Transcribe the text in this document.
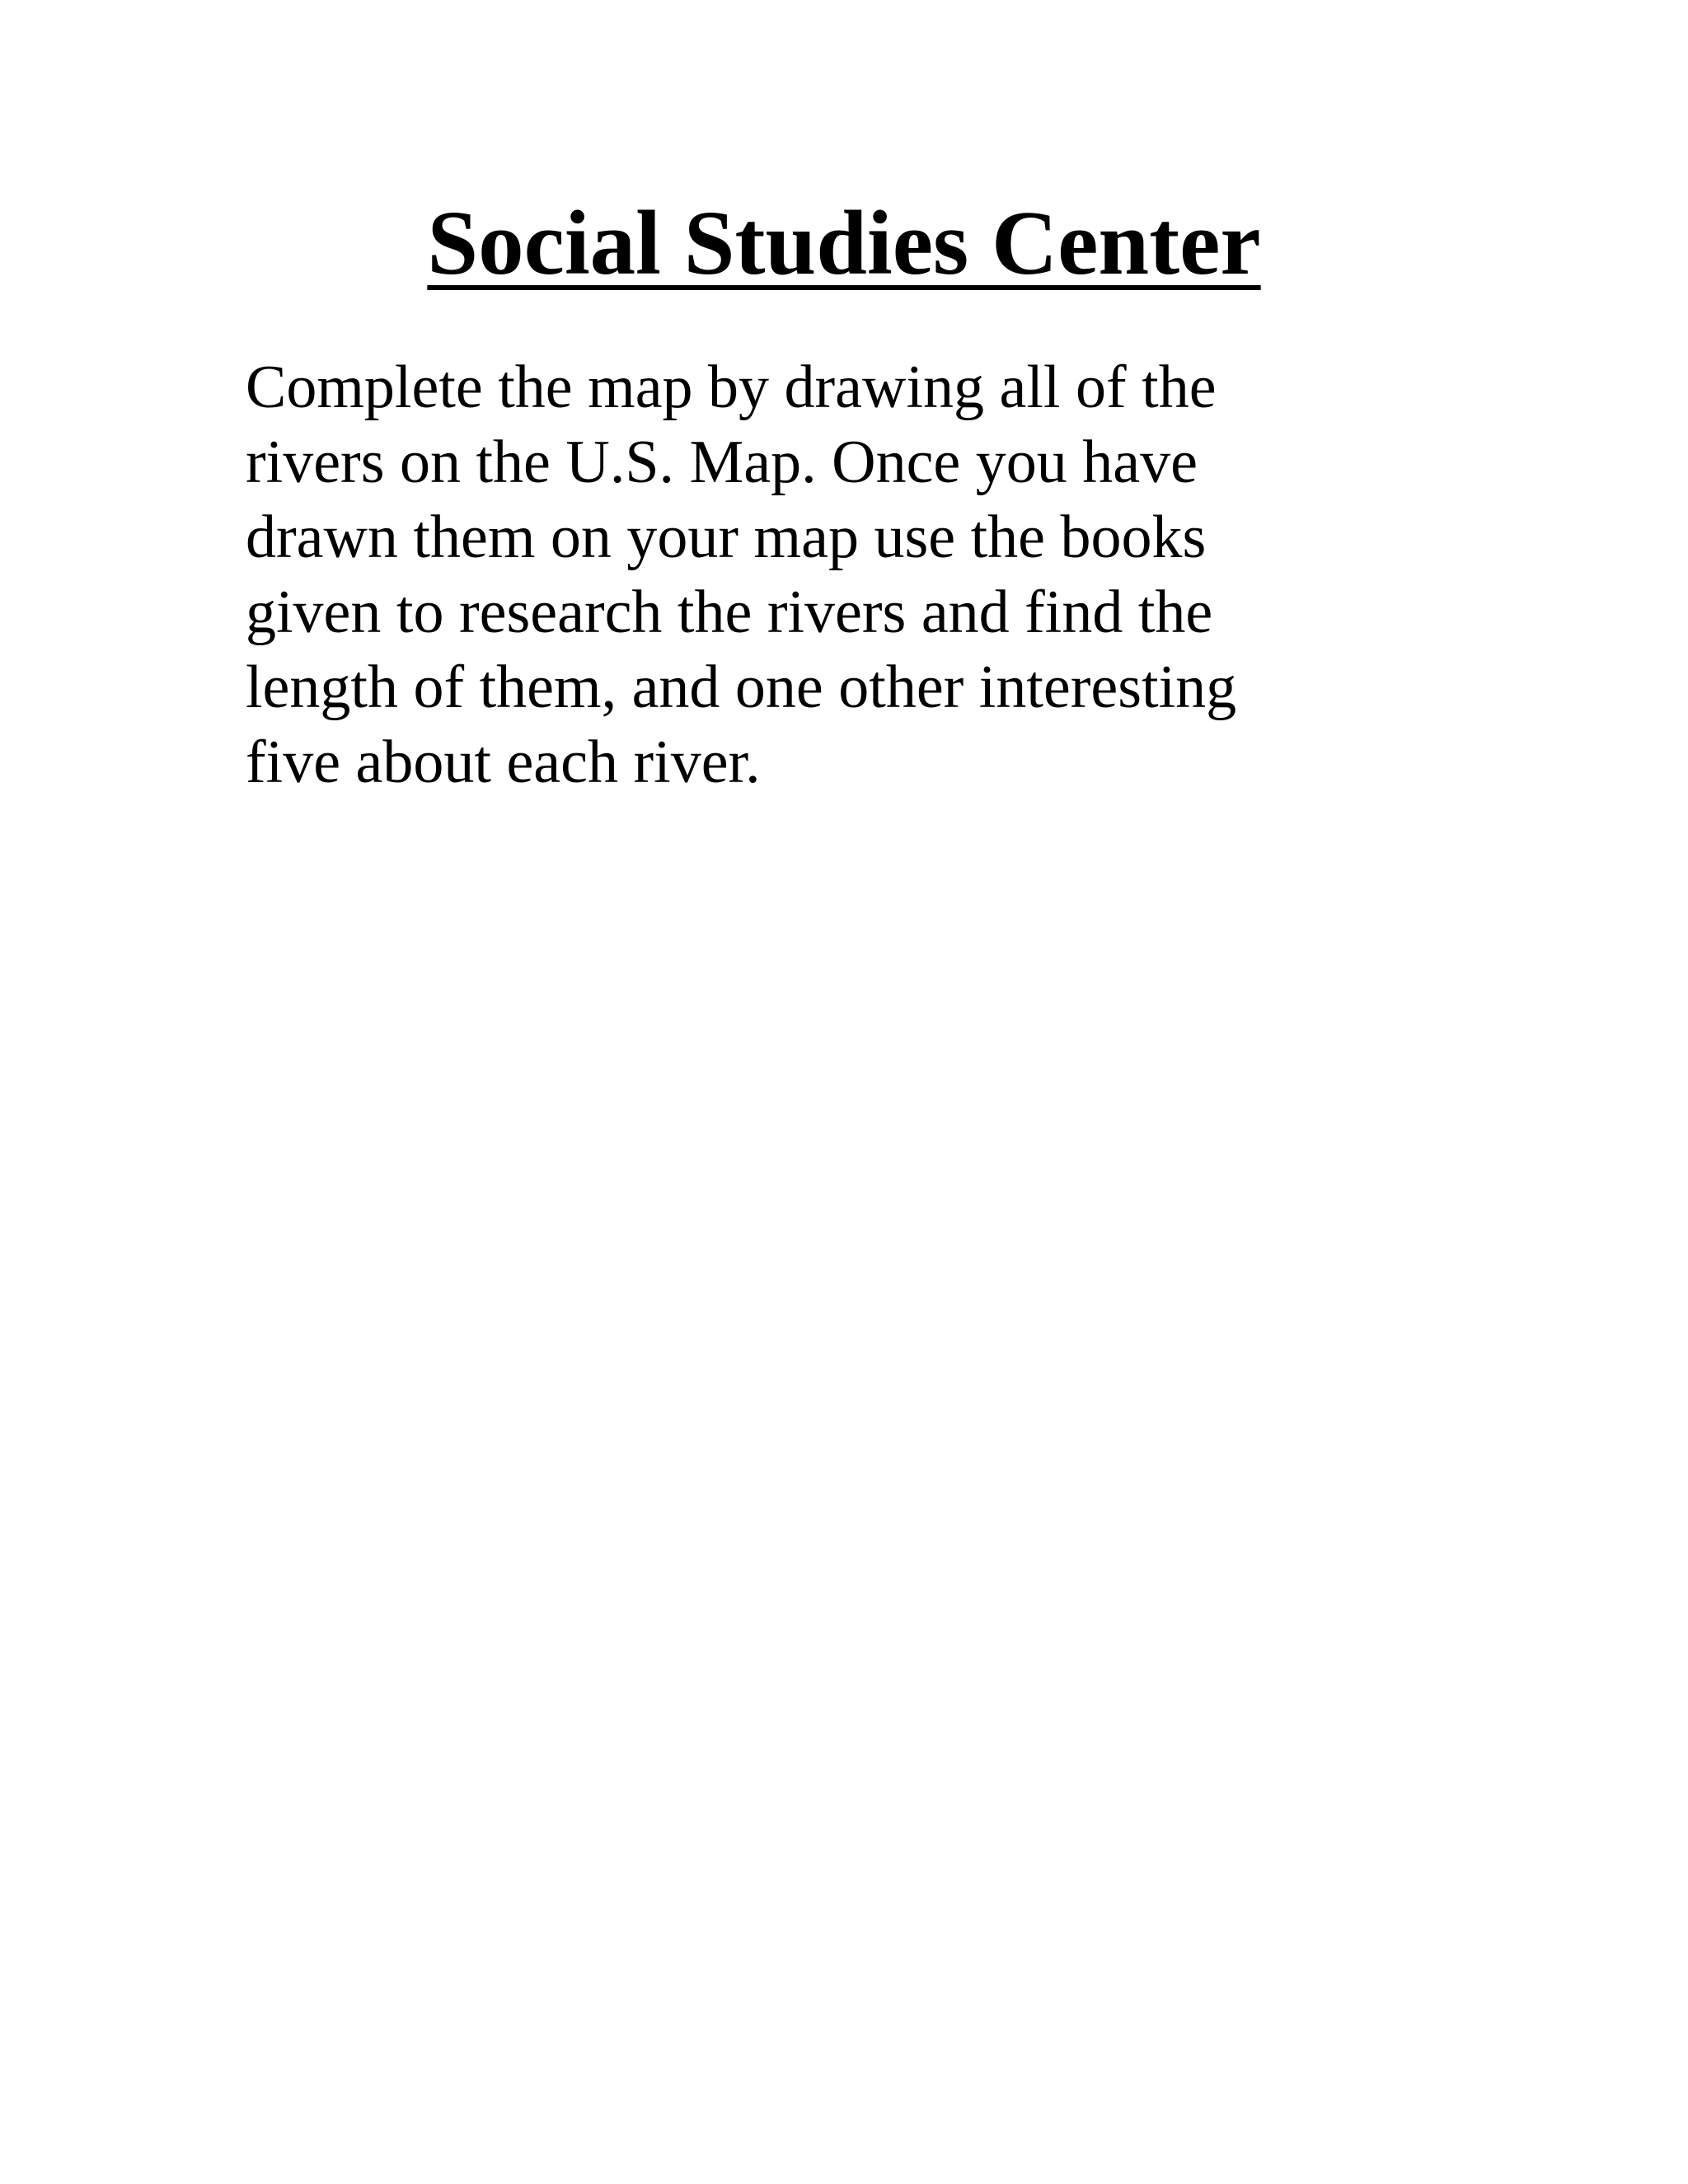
Social Studies Center

Complete the map by drawing all of the
rivers on the U.S. Map. Once you have
drawn them on your map use the books
given to research the rivers and find the
length of them, and one other interesting
five about each river.
